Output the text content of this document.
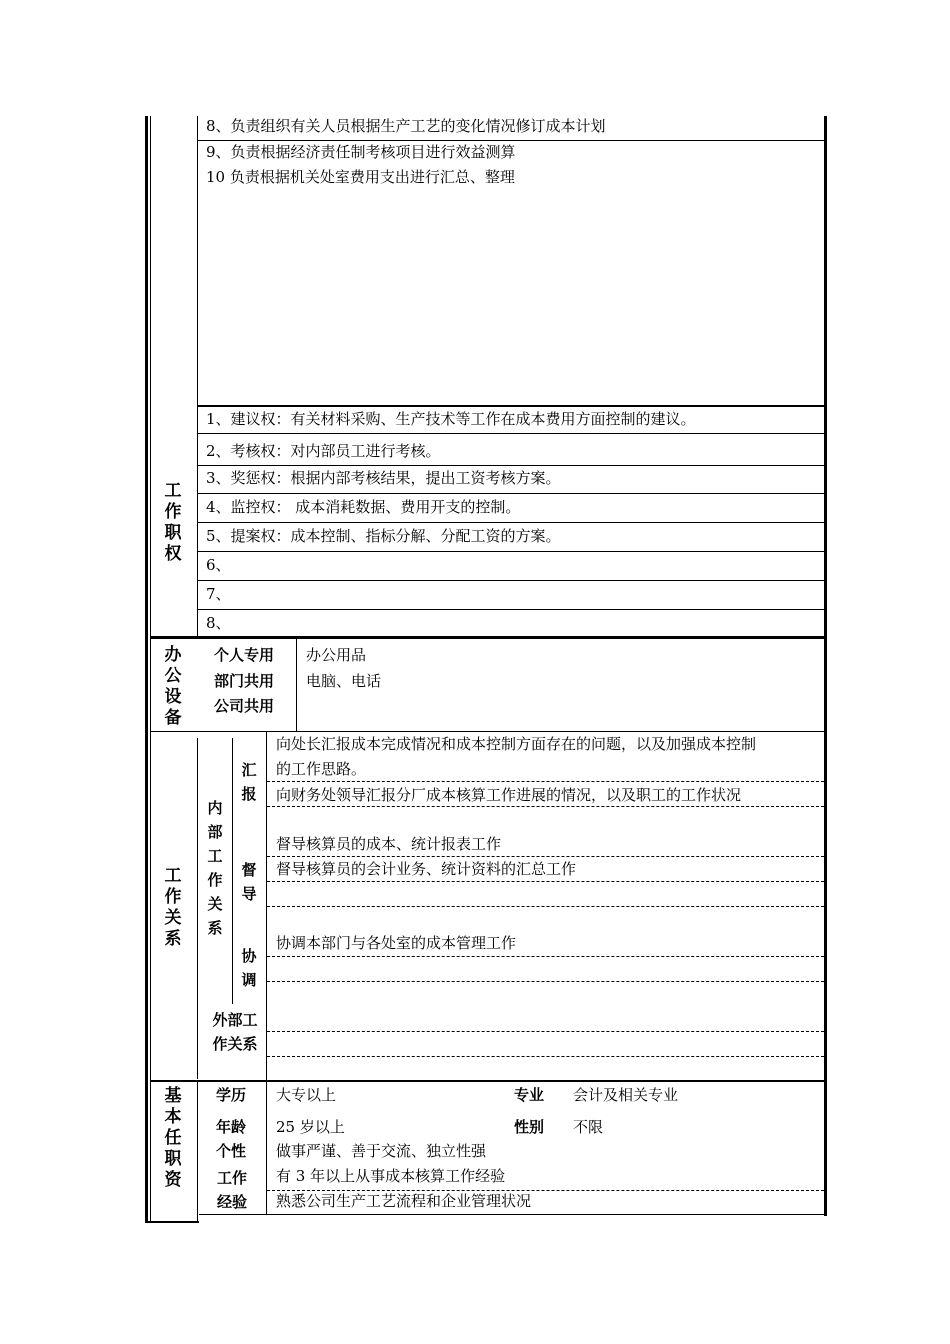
8、负责组织有关人员根据生产工艺的变化情况修订成本计划
9、负责根据经济责任制考核项目进行效益测算
10 负责根据机关处室费用支出进行汇总、整理
工作职权
1、建议权：有关材料采购、生产技术等工作在成本费用方面控制的建议。
2、考核权：对内部员工进行考核。
3、奖惩权：根据内部考核结果，提出工资考核方案。
4、监控权： 成本消耗数据、费用开支的控制。
5、提案权：成本控制、指标分解、分配工资的方案。
6、
7、
8、
办公设备
个人专用 办公用品
部门共用 电脑、电话
公司共用
工作关系
内部工作关系
汇报
督导
协调
向处长汇报成本完成情况和成本控制方面存在的问题，以及加强成本控制
的工作思路。
向财务处领导汇报分厂成本核算工作进展的情况，以及职工的工作状况
督导核算员的成本、统计报表工作
督导核算员的会计业务、统计资料的汇总工作
协调本部门与各处室的成本管理工作
外部工作关系
基本任职资
学历 大专以上	专业 会计及相关专业
年龄 25 岁以上	性别 不限
个性 做事严谨、善于交流、独立性强
工作经验
有 3 年以上从事成本核算工作经验
熟悉公司生产工艺流程和企业管理状况
